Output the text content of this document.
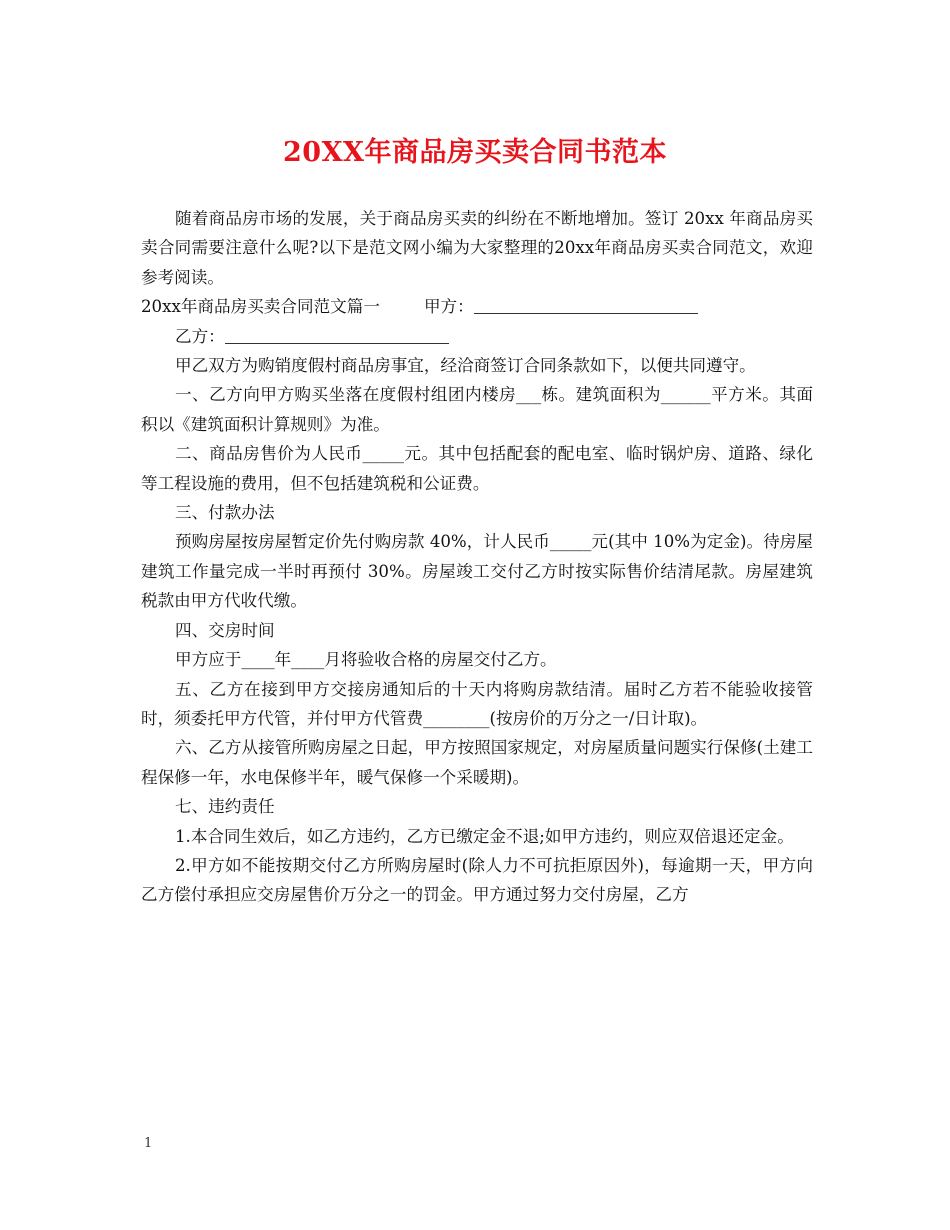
20XX年商品房买卖合同书范本

随着商品房市场的发展，关于商品房买卖的纠纷在不断地增加。签订 20xx 年商品房买卖合同需要注意什么呢?以下是范文网小编为大家整理的20xx年商品房买卖合同范文，欢迎参考阅读。

20xx年商品房买卖合同范文篇一	甲方：

乙方：

甲乙双方为购销度假村商品房事宜，经洽商签订合同条款如下，以便共同遵守。

一、乙方向甲方购买坐落在度假村组团内楼房___栋。建筑面积为______平方米。其面积以《建筑面积计算规则》为准。

二、商品房售价为人民币_____元。其中包括配套的配电室、临时锅炉房、道路、绿化等工程设施的费用，但不包括建筑税和公证费。

三、付款办法

预购房屋按房屋暂定价先付购房款 40%，计人民币_____元(其中 10%为定金)。待房屋建筑工作量完成一半时再预付 30%。房屋竣工交付乙方时按实际售价结清尾款。房屋建筑税款由甲方代收代缴。

四、交房时间

甲方应于____年____月将验收合格的房屋交付乙方。

五、乙方在接到甲方交接房通知后的十天内将购房款结清。届时乙方若不能验收接管时，须委托甲方代管，并付甲方代管费________(按房价的万分之一/日计取)。

六、乙方从接管所购房屋之日起，甲方按照国家规定，对房屋质量问题实行保修(土建工程保修一年，水电保修半年，暖气保修一个采暖期)。

七、违约责任

1.本合同生效后，如乙方违约，乙方已缴定金不退;如甲方违约，则应双倍退还定金。

2.甲方如不能按期交付乙方所购房屋时(除人力不可抗拒原因外)，每逾期一天，甲方向乙方偿付承担应交房屋售价万分之一的罚金。甲方通过努力交付房屋，乙方

1
